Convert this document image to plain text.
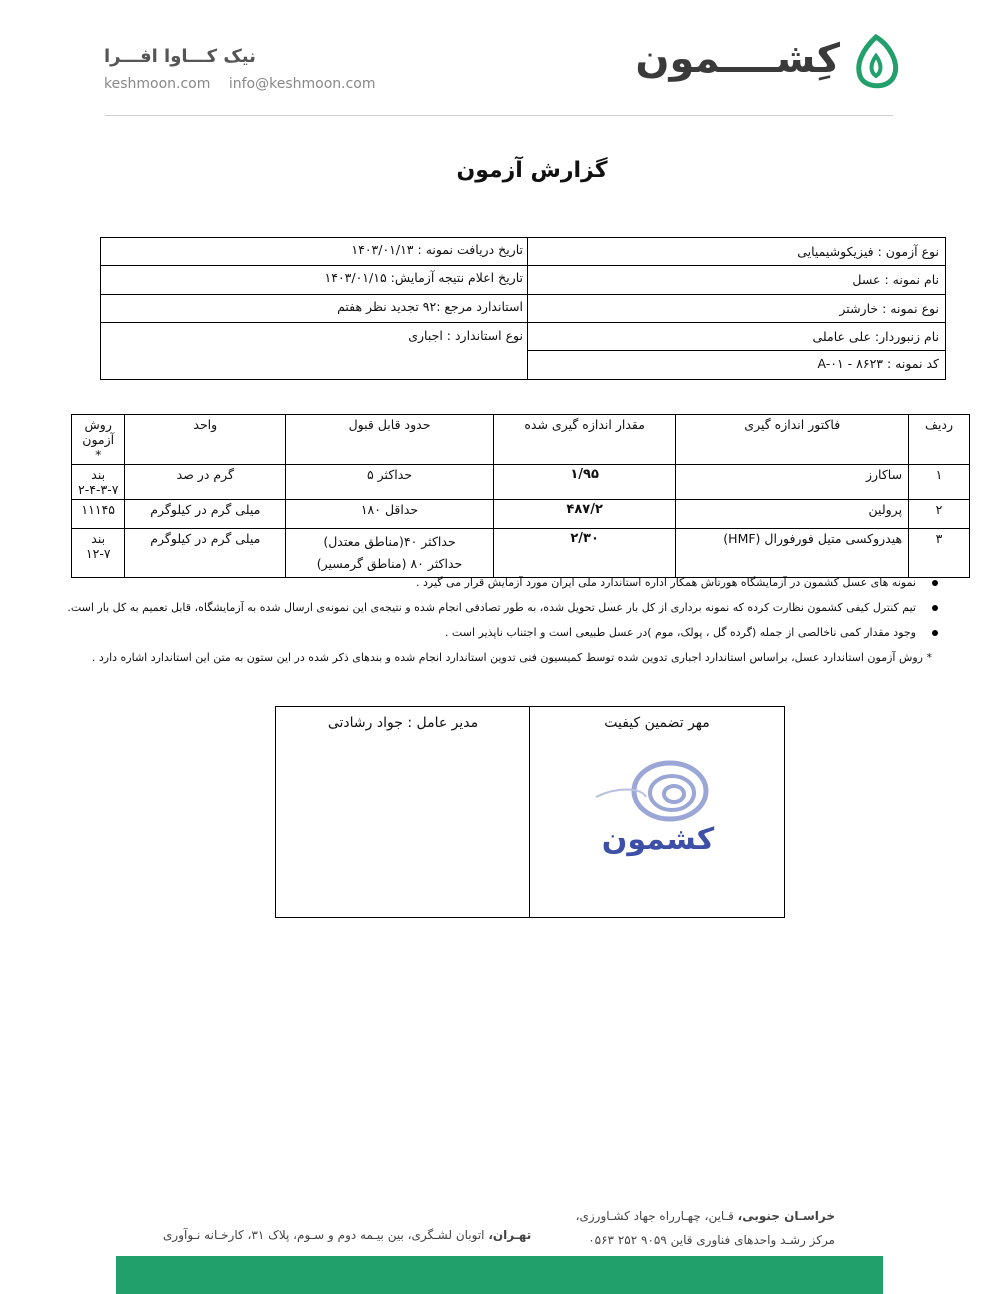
کِشــــمون
نیک کـــاوا افـــرا
keshmoon.com info@keshmoon.com
گزارش آزمون
نوع آزمون : فیزیکوشیمیایی
نام نمونه : عسل
نوع نمونه : خارشتر
نام زنبوردار: علی عاملی
کد نمونه : A-۰۱ - ۸۶۲۳
تاریخ دریافت نمونه : ۱۴۰۳/۰۱/۱۳
تاریخ اعلام نتیجه آزمایش: ۱۴۰۳/۰۱/۱۵
استاندارد مرجع :۹۲ تجدید نظر هفتم
نوع استاندارد : اجباری
ردیف	فاکتور اندازه گیری	مقدار اندازه گیری شده	حدود قابل قبول	واحد	روش آزمون *
۱	ساکارز	۱/۹۵	حداکثر ۵	گرم در صد	بند ۷-۳-۴-۲
۲	پرولین	۴۸۷/۲	حداقل ۱۸۰	میلی گرم در کیلوگرم	۱۱۱۴۵
۳	هیدروکسی متیل فورفورال (HMF)	۲/۳۰	حداکثر ۴۰(مناطق معتدل)
حداکثر ۸۰ (مناطق گرمسیر)	میلی گرم در کیلوگرم	بند ۷-۱۲
نمونه های عسل کشمون در آزمایشگاه هورتاش همکار اداره استاندارد ملی ایران مورد آزمایش قرار می گیرد .
تیم کنترل کیفی کشمون نظارت کرده که نمونه برداری از کل بار عسل تحویل شده، به طور تصادفی انجام شده و نتیجه‌ی این نمونه‌ی ارسال شده به آزمایشگاه، قابل تعمیم به کل بار است.
وجود مقدار کمی ناخالصی از جمله (گرده گل ، پولک، موم )در عسل طبیعی است و اجتناب ناپذیر است .
* روش آزمون استاندارد عسل، براساس استاندارد اجباری تدوین شده توسط کمیسیون فنی تدوین استاندارد انجام شده و بندهای ذکر شده در این ستون به متن این استاندارد اشاره دارد .
مهر تضمین کیفیت
کشمون
مدیر عامل : جواد رشادتی
خراسـان جنوبی، قـاین، چهـارراه جهاد کشـاورزی،
مرکز رشـد واحدهای فناوری قاین ۹۰۵۹ ۲۵۲ ۰۵۶۳
تهـران، اتوبان لشـگری، بین بیـمه دوم و سـوم، پلاک ۳۱، کارخـانه نـوآوری
